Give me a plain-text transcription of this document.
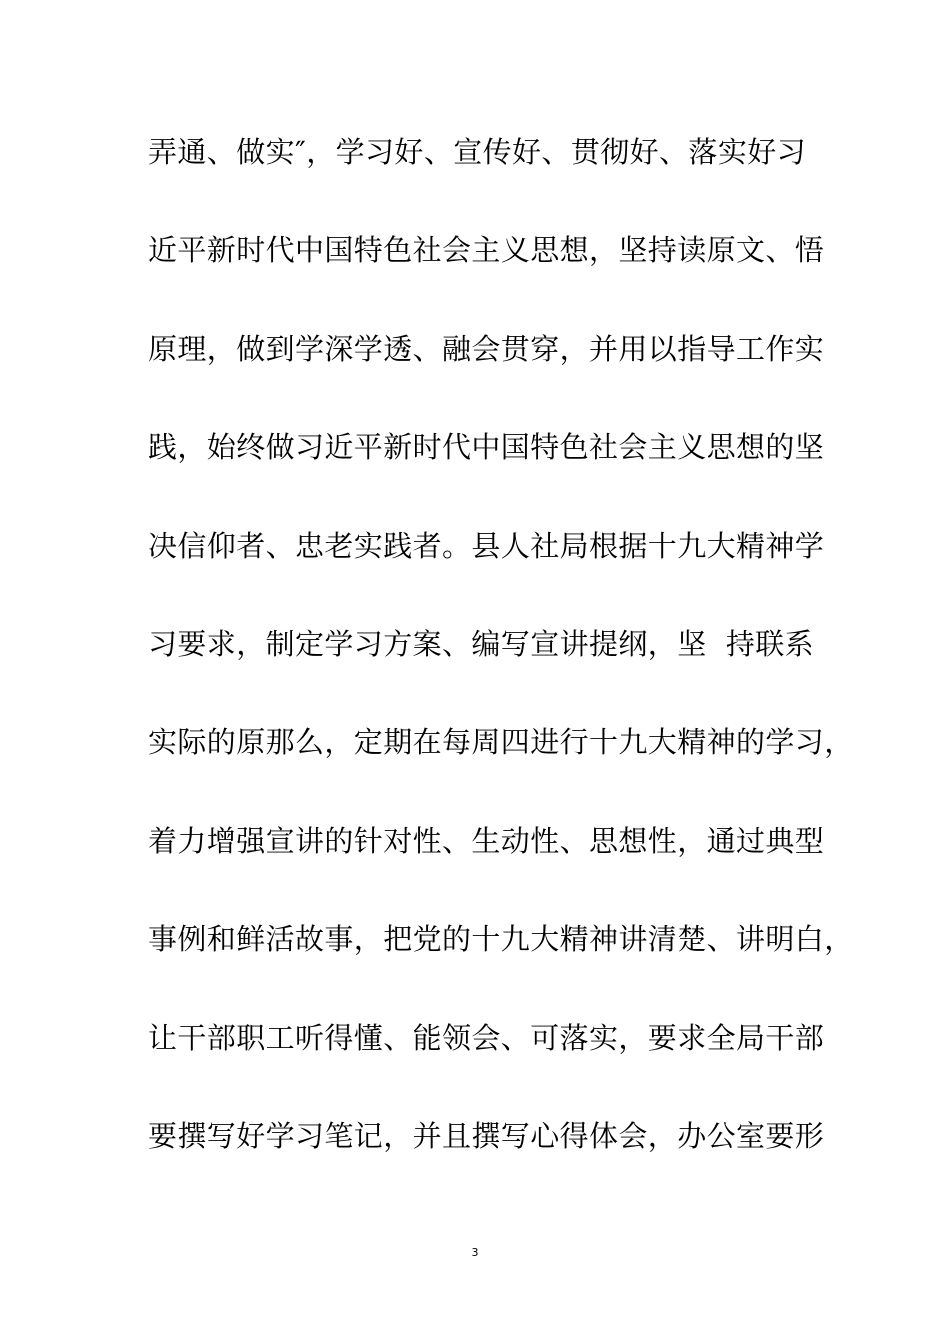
弄通、做实″，学习好、宣传好、贯彻好、落实好习
近平新时代中国特色社会主义思想，坚持读原文、悟
原理，做到学深学透、融会贯穿，并用以指导工作实
践，始终做习近平新时代中国特色社会主义思想的坚
决信仰者、忠老实践者。县人社局根据十九大精神学
习要求，制定学习方案、编写宣讲提纲，坚  持联系
实际的原那么，定期在每周四进行十九大精神的学习，
着力增强宣讲的针对性、生动性、思想性，通过典型
事例和鲜活故事，把党的十九大精神讲清楚、讲明白，
让干部职工听得懂、能领会、可落实，要求全局干部
要撰写好学习笔记，并且撰写心得体会，办公室要形
3
